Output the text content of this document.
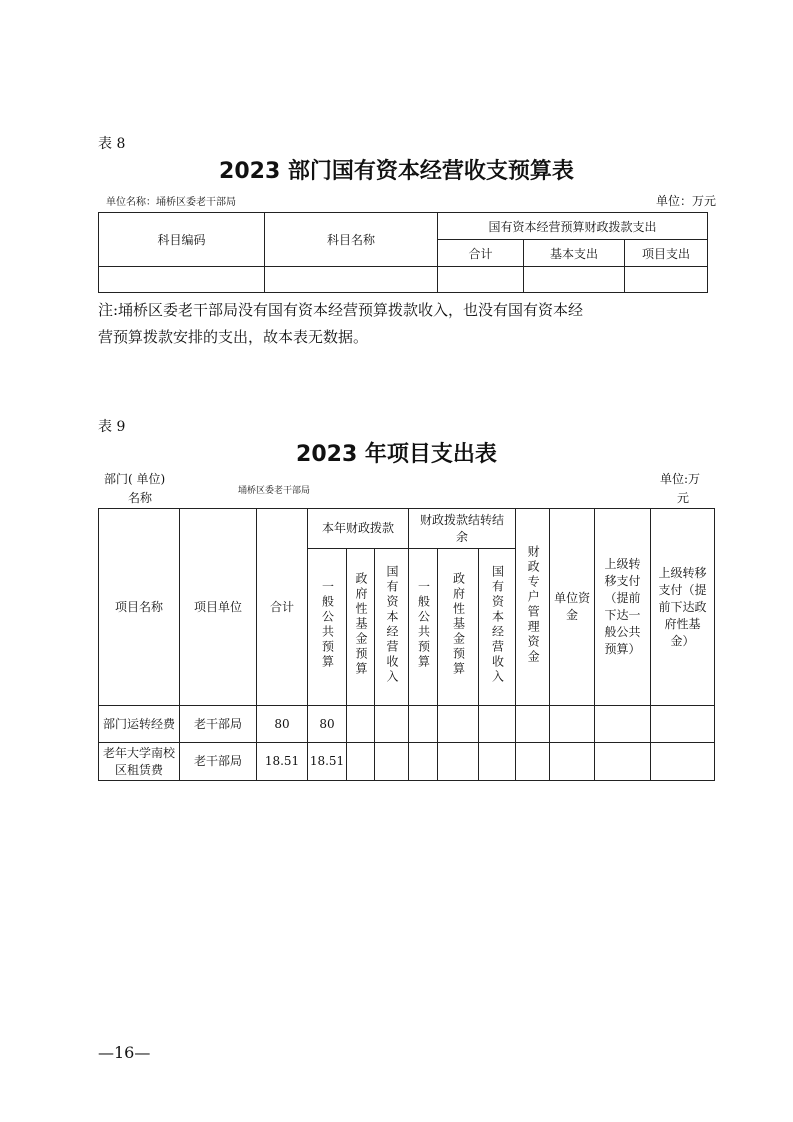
表 8
2023 部门国有资本经营收支预算表
单位名称：埇桥区委老干部局	单位：万元
科目编码	科目名称	国有资本经营预算财政拨款支出		
		合计	基本支出	项目支出

注:埇桥区委老干部局没有国有资本经营预算拨款收入，也没有国有资本经
营预算拨款安排的支出，故本表无数据。
表 9
2023 年项目支出表
部门( 单位)
名称	埇桥区委老干部局
单位:万
元
项目名称	项目单位	合计	本年财政拨款			财政拨款结转结余			财政专户管理资金	单位资金	上级转移支付（提前下达一般公共预算）	上级转移支付（提前下达政府性基金）
			一般公共预算	政府性基金预算	国有资本经营收入	一般公共预算	政府性基金预算	国有资本经营收入				
部门运转经费	老干部局	80	80									
老年大学南校区租赁费	老干部局	18.51	18.51									
—16—
